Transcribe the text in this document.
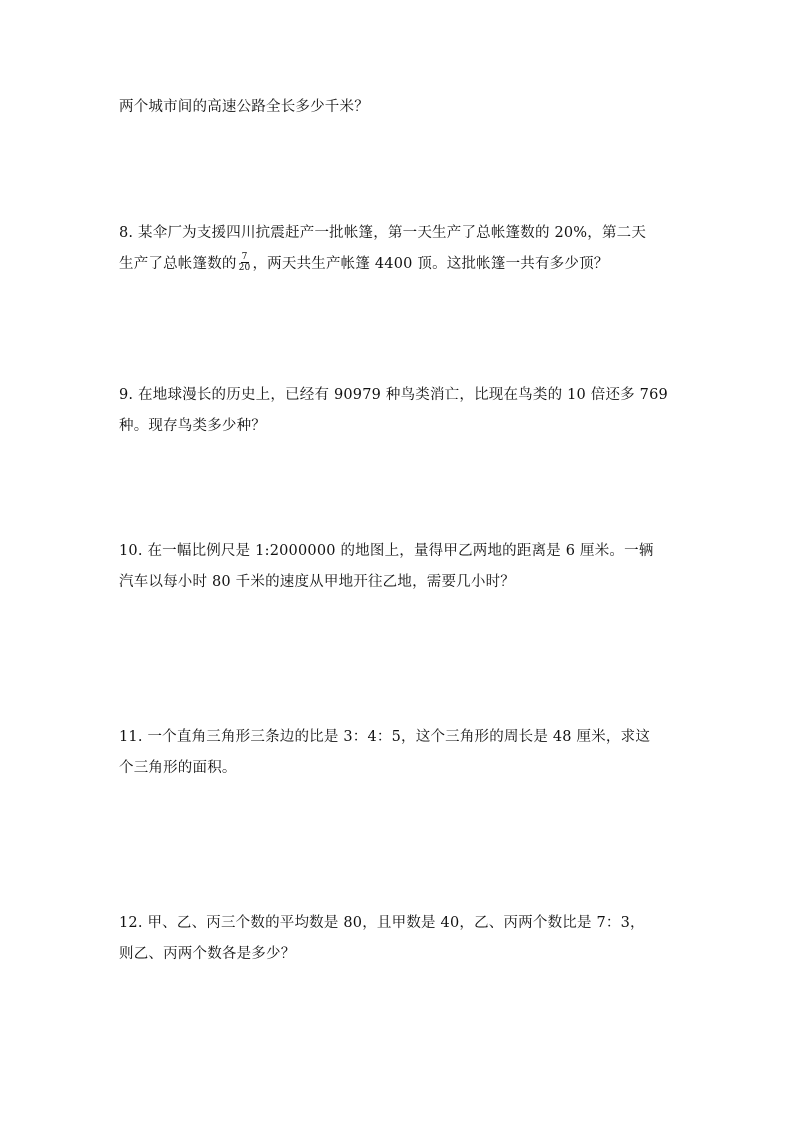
两个城市间的高速公路全长多少千米？
8. 某伞厂为支援四川抗震赶产一批帐篷，第一天生产了总帐篷数的 20%，第二天
生产了总帐篷数的 $\frac{7}{20}$ ，两天共生产帐篷 4400 顶。这批帐篷一共有多少顶？
9. 在地球漫长的历史上，已经有 90979 种鸟类消亡，比现在鸟类的 10 倍还多 769
种。现存鸟类多少种？
10. 在一幅比例尺是 1:2000000 的地图上，量得甲乙两地的距离是 6 厘米。一辆
汽车以每小时 80 千米的速度从甲地开往乙地，需要几小时？
11. 一个直角三角形三条边的比是 3：4：5，这个三角形的周长是 48 厘米，求这
个三角形的面积。
12. 甲、乙、丙三个数的平均数是 80，且甲数是 40，乙、丙两个数比是 7：3，
则乙、丙两个数各是多少？
